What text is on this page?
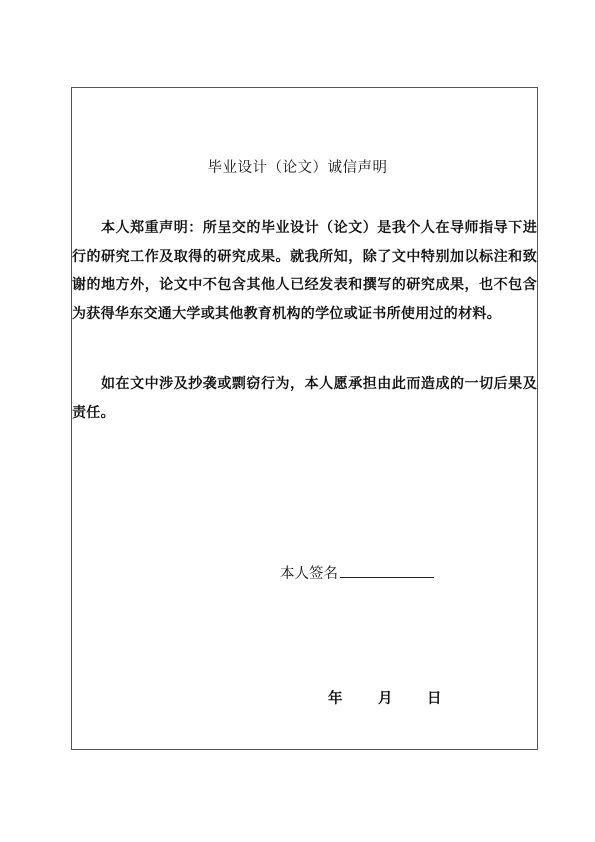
毕业设计（论文）诚信声明

本人郑重声明：所呈交的毕业设计（论文）是我个人在导师指导下进行的研究工作及取得的研究成果。就我所知，除了文中特别加以标注和致谢的地方外，论文中不包含其他人已经发表和撰写的研究成果，也不包含为获得华东交通大学或其他教育机构的学位或证书所使用过的材料。

如在文中涉及抄袭或剽窃行为，本人愿承担由此而造成的一切后果及责任。

本人签名
年 月 日
